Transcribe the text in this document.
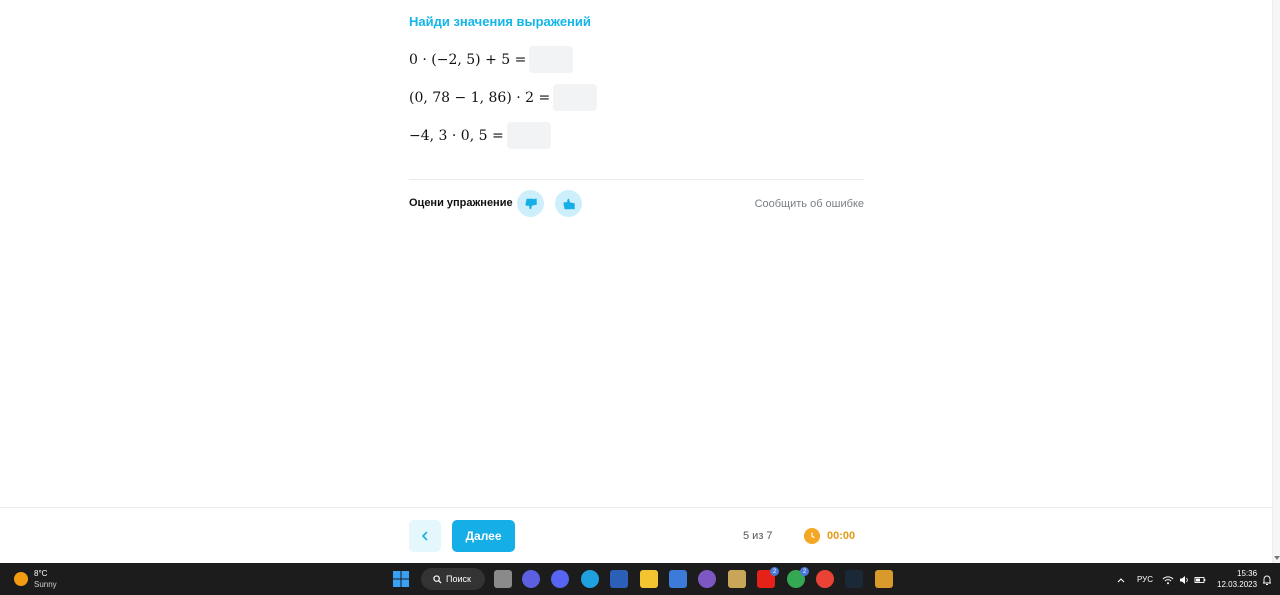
Найди значения выражений
0 · (−2, 5) + 5 =
(0, 78 − 1, 86) · 2 =
−4, 3 · 0, 5 =
Оцени упражнение	Сообщить об ошибке
Далее	5 из 7	00:00
8°C
Sunny
Поиск
2	2
РУС
15:36
12.03.2023
